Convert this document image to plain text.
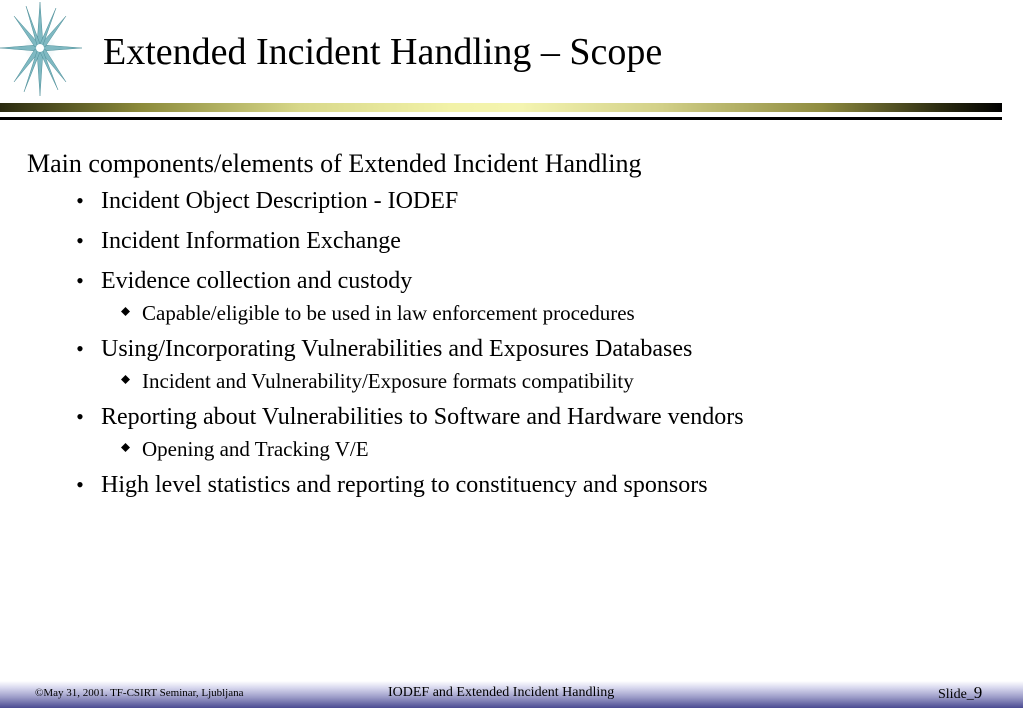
Extended Incident Handling – Scope
Main components/elements of Extended Incident Handling
• Incident Object Description - IODEF
• Incident Information Exchange
• Evidence collection and custody
Capable/eligible to be used in law enforcement procedures
• Using/Incorporating Vulnerabilities and Exposures Databases
Incident and Vulnerability/Exposure formats compatibility
• Reporting about Vulnerabilities to Software and Hardware vendors
Opening and Tracking V/E
• High level statistics and reporting to constituency and sponsors
©May 31, 2001. TF-CSIRT Seminar, Ljubljana	IODEF and Extended Incident Handling	Slide_9
